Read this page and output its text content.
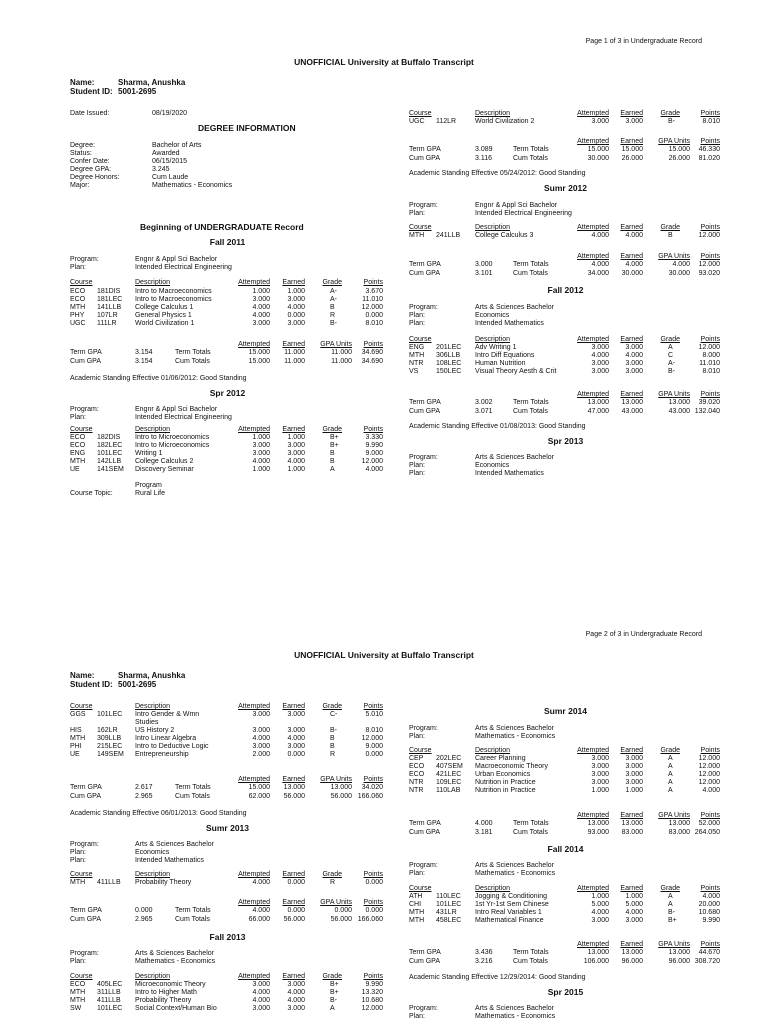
Page 1 of 3 in Undergraduate Record
UNOFFICIAL University at Buffalo Transcript
Name:	Sharma, Anushka
Student ID: 5001-2695
Page 2 of 3 in Undergraduate Record
UNOFFICIAL University at Buffalo Transcript
Name:	Sharma, Anushka
Student ID: 5001-2695
Date Issued:	08/19/2020
DEGREE INFORMATION
Degree:	Bachelor of Arts
Status:	Awarded
Confer Date:	06/15/2015
Degree GPA:	3.245
Degree Honors:	Cum Laude
Major:	Mathematics - Economics
Beginning of UNDERGRADUATE Record
Fall 2011
Program:	Engnr & Appl Sci Bachelor
Plan:	Intended Electrical Engineering
Course	Description	Attempted Earned	Grade	Points
ECO 181DIS Intro to Macroeconomics	1.000 1.000	A-	3.670
ECO 181LEC Intro to Macroeconomics	3.000 3.000	A-	11.010
MTH 141LLB College Calculus 1	4.000 4.000	B	12.000
PHY 107LR General Physics 1	4.000 0.000	R	0.000
UGC 111LR	World Civilization 1	3.000 3.000	B-	8.010
Attempted Earned GPA Units Points
Term GPA	3.154	Term Totals	15.000 11.000	11.000 34.690
Cum GPA	3.154	Cum Totals	15.000 11.000	11.000 34.690
Academic Standing Effective 01/06/2012: Good Standing
Spr 2012
Program:	Engnr & Appl Sci Bachelor
Plan:	Intended Electrical Engineering
Course	Description	Attempted Earned	Grade	Points
ECO 182DIS Intro to Microeconomics	1.000 1.000	B+	3.330
ECO 182LEC Intro to Microeconomics	3.000 3.000	B+	9.990
ENG 101LEC Writing 1	3.000 3.000	B	9.000
MTH 142LLB College Calculus 2	4.000 4.000	B	12.000
UE 141SEM Discovery Seminar	1.000 1.000	A	4.000
Program
Course Topic:	Rural Life
Course	Description	Attempted Earned	Grade	Points
UGC 112LR	World Civilization 2	3.000 3.000	B-	8.010
Attempted Earned GPA Units Points
Term GPA	3.089	Term Totals	15.000 15.000	15.000 46.330
Cum GPA	3.116	Cum Totals	30.000 26.000	26.000 81.020
Academic Standing Effective 05/24/2012: Good Standing
Sumr 2012
Program:	Engnr & Appl Sci Bachelor
Plan:	Intended Electrical Engineering
Course	Description	Attempted Earned	Grade	Points
MTH 241LLB College Calculus 3	4.000 4.000	B	12.000
Attempted Earned GPA Units Points
Term GPA	3.000	Term Totals	4.000 4.000	4.000 12.000
Cum GPA	3.101	Cum Totals	34.000 30.000	30.000 93.020
Fall 2012
Program:	Arts & Sciences Bachelor
Plan:	Economics
Plan:	Intended Mathematics
Course	Description	Attempted Earned	Grade	Points
ENG 201LEC Adv Writing 1	3.000 3.000	A	12.000
MTH 306LLB Intro Diff Equations	4.000 4.000	C	8.000
NTR 108LEC Human Nutrition	3.000 3.000	A-	11.010
VS	150LEC Visual Theory Aesth & Crit	3.000 3.000	B-	8.010
Attempted Earned GPA Units Points
Term GPA	3.002	Term Totals	13.000 13.000	13.000 39.020
Cum GPA	3.071	Cum Totals	47.000 43.000	43.000 132.040
Academic Standing Effective 01/08/2013: Good Standing
Spr 2013
Program:	Arts & Sciences Bachelor
Plan:	Economics
Plan:	Intended Mathematics
Course	Description	Attempted Earned	Grade	Points
GGS 101LEC Intro Gender & Wmn	3.000 3.000	C-	5.010
Studies
HIS 162LR US History 2	3.000 3.000	B-	8.010
MTH 309LLB Intro Linear Algebra	4.000 4.000	B	12.000
PHI 215LEC Intro to Deductive Logic	3.000 3.000	B	9.000
UE 149SEM Entrepreneurship	2.000 0.000	R	0.000
Attempted Earned GPA Units Points
Term GPA	2.617	Term Totals	15.000 13.000	13.000 34.020
Cum GPA	2.965	Cum Totals	62.000 56.000	56.000 166.060
Academic Standing Effective 06/01/2013: Good Standing
Sumr 2013
Program:	Arts & Sciences Bachelor
Plan:	Economics
Plan:	Intended Mathematics
Course	Description	Attempted Earned	Grade	Points
MTH 411LLB Probability Theory	4.000 0.000	R	0.000
Attempted Earned GPA Units Points
Term GPA	0.000	Term Totals	4.000 0.000	0.000 0.000
Cum GPA	2.965	Cum Totals	66.000 56.000	56.000 166.060
Fall 2013
Program:	Arts & Sciences Bachelor
Plan:	Mathematics - Economics
Course	Description	Attempted Earned	Grade	Points
ECO 405LEC Microeconomic Theory	3.000 3.000	B+	9.990
MTH 311LLB Intro to Higher Math	4.000 4.000	B+	13.320
MTH 411LLB Probability Theory	4.000 4.000	B-	10.680
SW 101LEC Social Context/Human Bio	3.000 3.000	A	12.000
Sumr 2014
Program:	Arts & Sciences Bachelor
Plan:	Mathematics - Economics
Course	Description	Attempted Earned	Grade	Points
CEP 202LEC Career Planning	3.000 3.000	A	12.000
ECO 407SEM Macroeconomic Theory	3.000 3.000	A	12.000
ECO 421LEC Urban Economics	3.000 3.000	A	12.000
NTR 109LEC Nutrition in Practice	3.000 3.000	A	12.000
NTR 110LAB Nutrition in Practice	1.000 1.000	A	4.000
Attempted Earned GPA Units Points
Term GPA	4.000	Term Totals	13.000 13.000	13.000 52.000
Cum GPA	3.181	Cum Totals	93.000 83.000	83.000 264.050
Fall 2014
Program:	Arts & Sciences Bachelor
Plan:	Mathematics - Economics
Course	Description	Attempted Earned	Grade	Points
ATH 110LEC Jogging & Conditioning	1.000 1.000	A	4.000
CHI 101LEC 1st Yr-1st Sem Chinese	5.000 5.000	A	20.000
MTH 431LR	Intro Real Variables 1	4.000 4.000	B-	10.680
MTH 458LEC Mathematical Finance	3.000 3.000	B+	9.990
Attempted Earned GPA Units Points
Term GPA	3.436	Term Totals	13.000 13.000	13.000 44.670
Cum GPA	3.216	Cum Totals	106.000 96.000	96.000 308.720
Academic Standing Effective 12/29/2014: Good Standing
Spr 2015
Program:	Arts & Sciences Bachelor
Plan:	Mathematics - Economics
